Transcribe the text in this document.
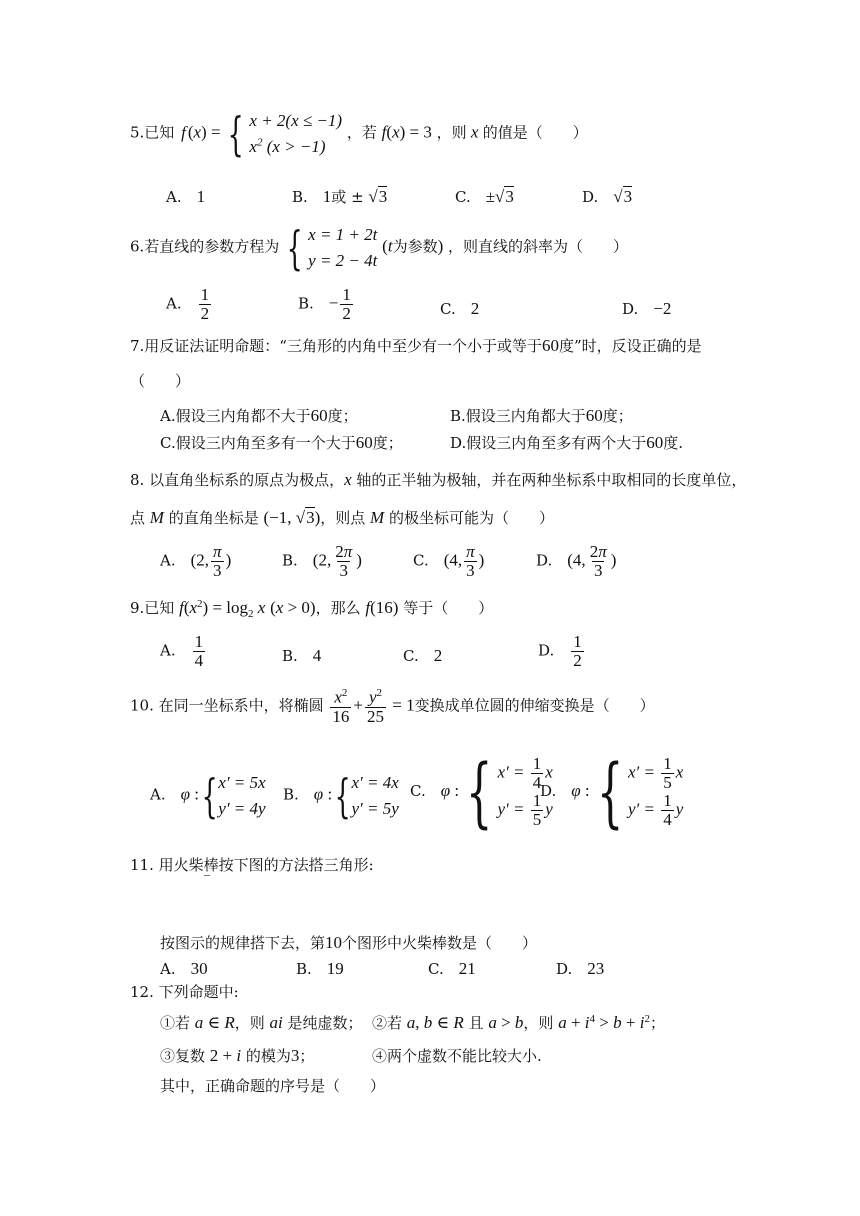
5.已知 f (x) = { x + 2(x ≤ −1)
$x^2$ (x > −1)
，若 f(x) = 3 ，则 x 的值是（　　）
A.　1	B.　1或 ± √3	C.　±√3	D.　√3
6.若直线的参数方程为 { x = 1 + 2t
y = 2 − 4t
(t为参数) ，则直线的斜率为（　　）
A.　 $\frac{1}{2}$	B.　− $\frac{1}{2}$	C.　2	D.　−2
7.用反证法证明命题：“三角形的内角中至少有一个小于或等于60度”时，反设正确的是
（　　）
A.假设三内角都不大于60度；	B.假设三内角都大于60度；
C.假设三内角至多有一个大于60度；	D.假设三内角至多有两个大于60度.
8. 以直角坐标系的原点为极点，x 轴的正半轴为极轴，并在两种坐标系中取相同的长度单位，
点 M 的直角坐标是 (−1, √3)，则点 M 的极坐标可能为（　　）
A.　(2, $\frac{\pi}{3}$ )	B.　(2, $\frac{2\pi}{3}$ )	C.　(4, $\frac{\pi}{3}$ )	D.　(4, $\frac{2\pi}{3}$ )
9.已知 $f(x^2) = \log_2 x$ (x > 0)，那么 f(16) 等于（　　）
A.　 $\frac{1}{4}$	B.　4	C.　2	D.　 $\frac{1}{2}$
10. 在同一坐标系中，将椭圆 $\frac{x^2}{16} + \frac{y^2}{25} = 1$变换成单位圆的伸缩变换是（　　）
A.　φ :{ x′ = 5x
y′ = 4y
B.　φ :{ x′ = 4x
y′ = 5y
C.　φ :{ $x' = \frac{1}{4}$ x
$y' = \frac{1}{5}$ y
D.　φ :{ $x' = \frac{1}{5}$ x
$y' = \frac{1}{4}$ y
11. 用火柴棒按下图的方法搭三角形:
按图示的规律搭下去，第10个图形中火柴棒数是（　　）
A.　30	B.　19	C.　21	D.　23
12. 下列命题中:
①若 a ∈ R，则 ai 是纯虚数； ②若 a, b ∈ R 且 a > b，则 $a + i^4 > b + i^2$；
③复数 2 + i 的模为3；	④两个虚数不能比较大小.
其中，正确命题的序号是（　　）
